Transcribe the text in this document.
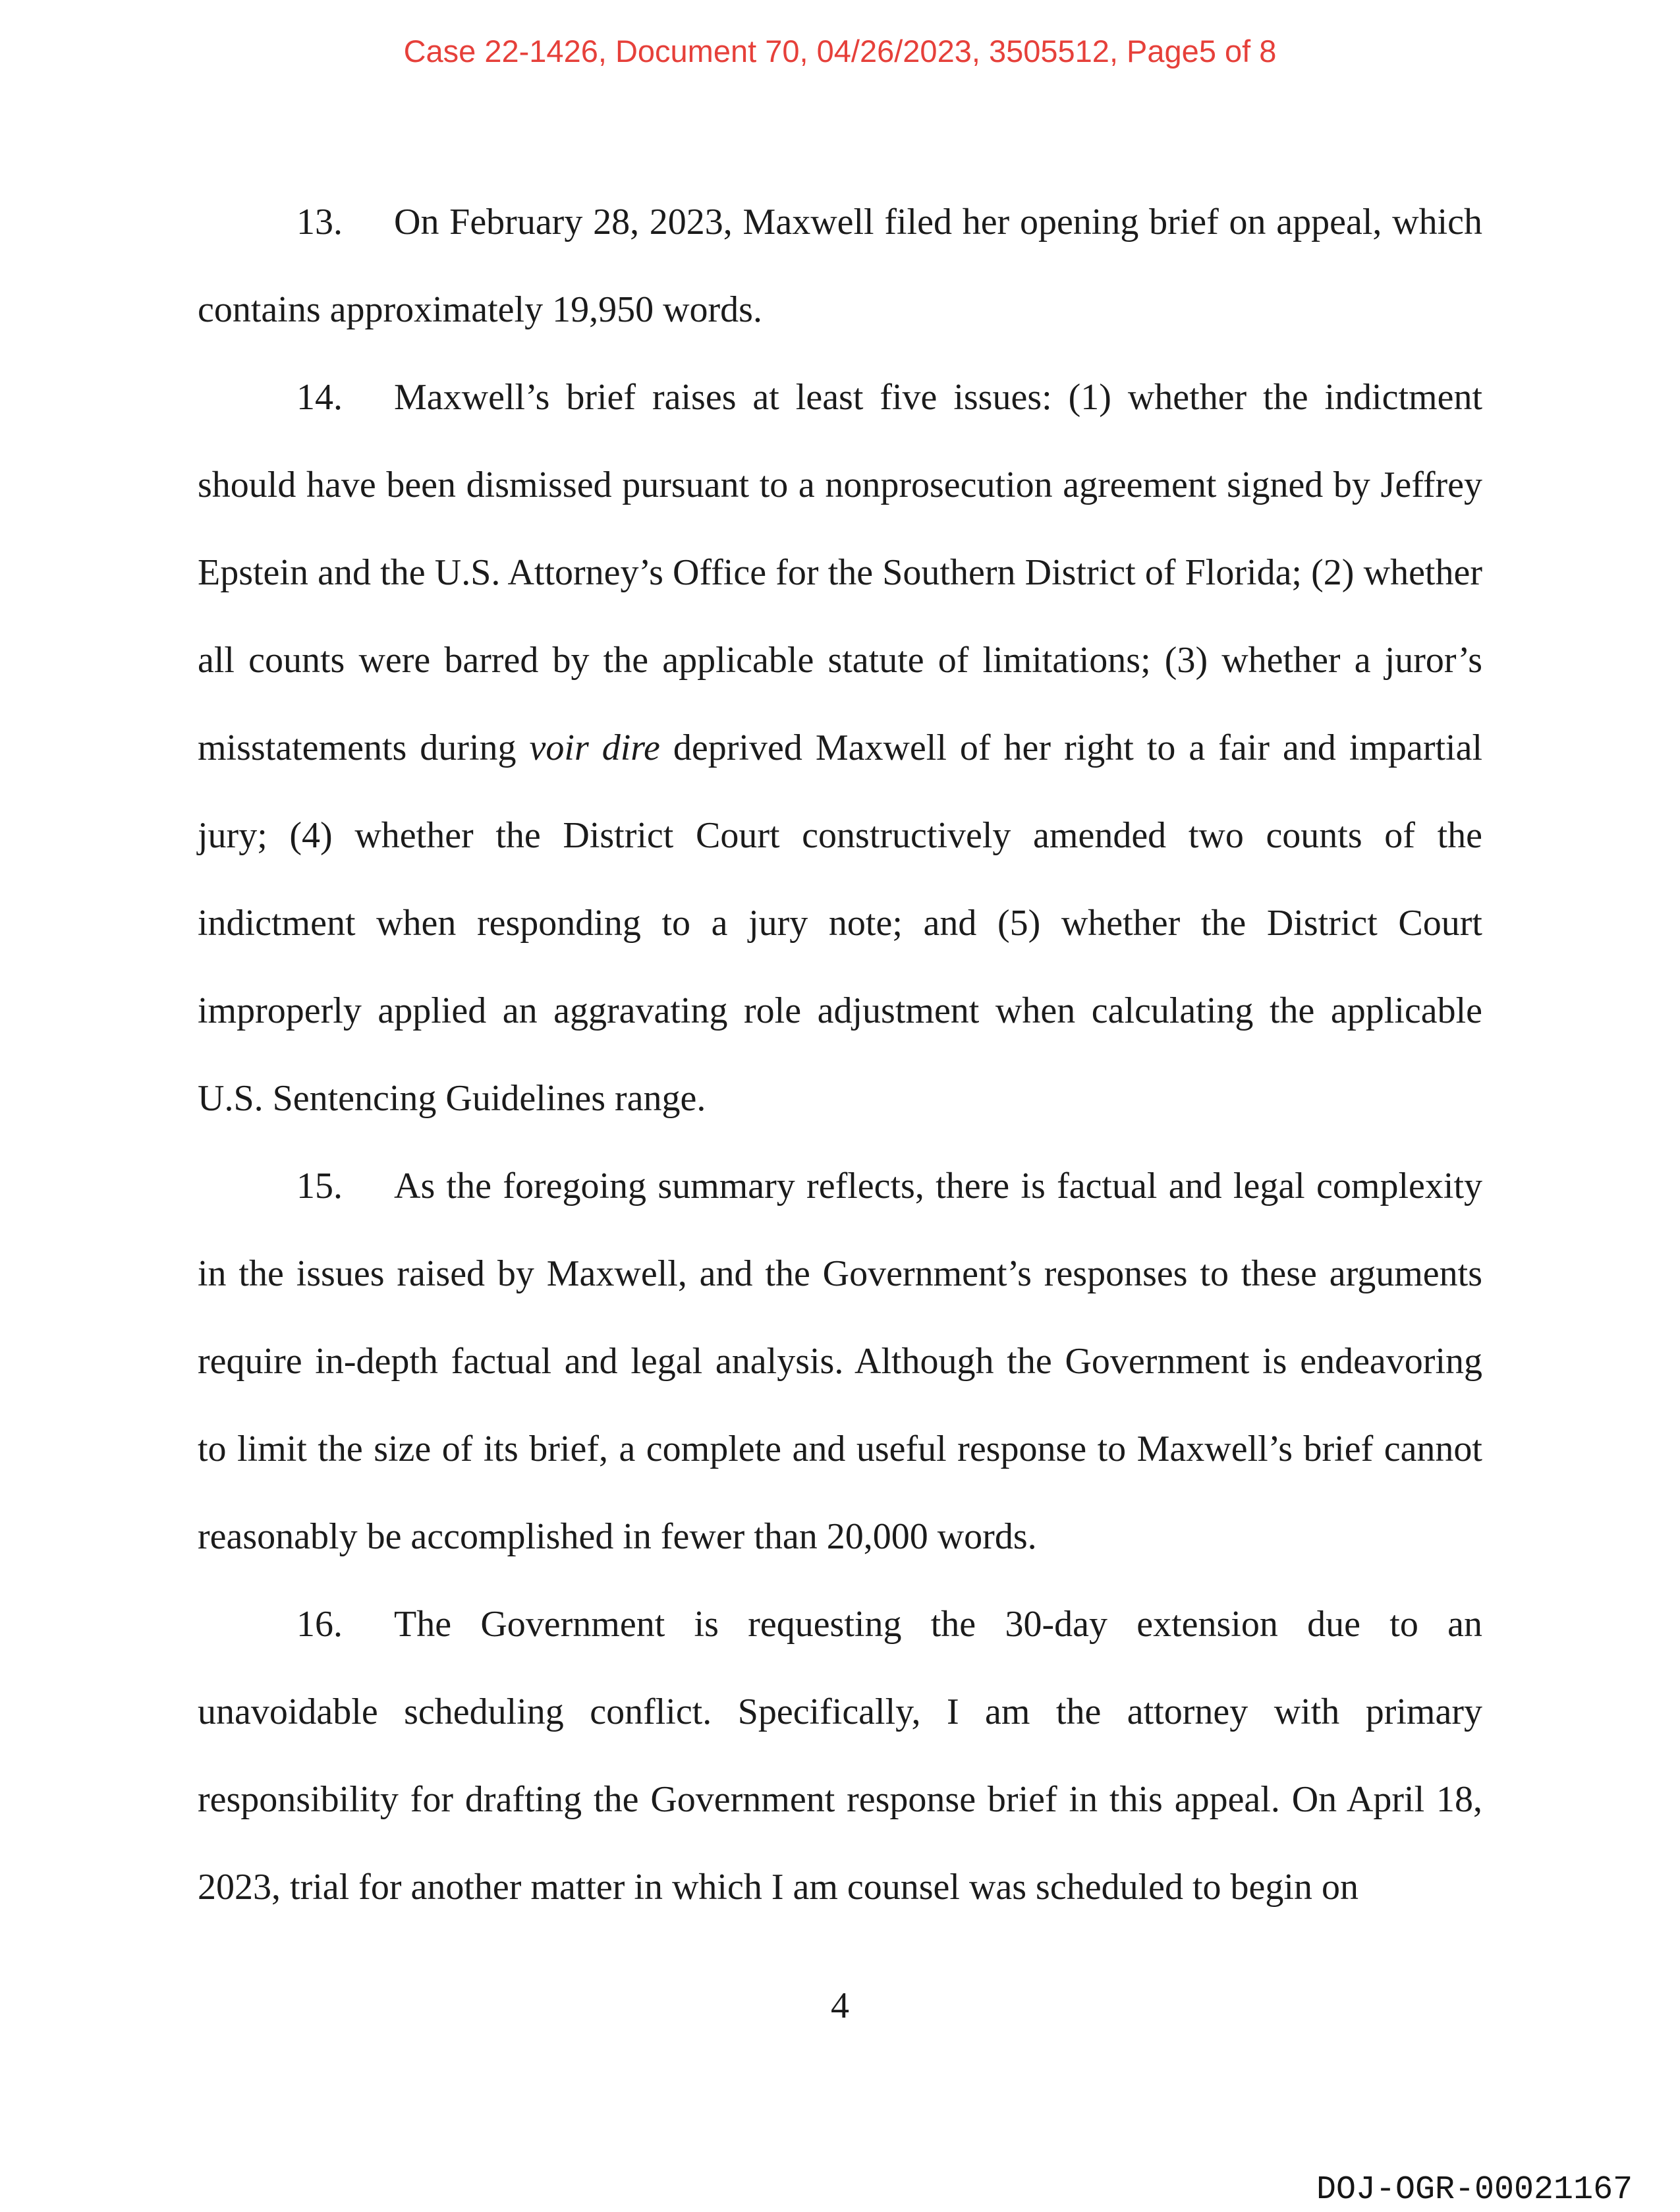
Case 22-1426, Document 70, 04/26/2023, 3505512, Page5 of 8

13. On February 28, 2023, Maxwell filed her opening brief on appeal, which contains approximately 19,950 words.

14. Maxwell’s brief raises at least five issues: (1) whether the indictment should have been dismissed pursuant to a nonprosecution agreement signed by Jeffrey Epstein and the U.S. Attorney’s Office for the Southern District of Florida; (2) whether all counts were barred by the applicable statute of limitations; (3) whether a juror’s misstatements during voir dire deprived Maxwell of her right to a fair and impartial jury; (4) whether the District Court constructively amended two counts of the indictment when responding to a jury note; and (5) whether the District Court improperly applied an aggravating role adjustment when calculating the applicable U.S. Sentencing Guidelines range.

15. As the foregoing summary reflects, there is factual and legal complexity in the issues raised by Maxwell, and the Government’s responses to these arguments require in-depth factual and legal analysis. Although the Government is endeavoring to limit the size of its brief, a complete and useful response to Maxwell’s brief cannot reasonably be accomplished in fewer than 20,000 words.

16. The Government is requesting the 30-day extension due to an unavoidable scheduling conflict. Specifically, I am the attorney with primary responsibility for drafting the Government response brief in this appeal. On April 18, 2023, trial for another matter in which I am counsel was scheduled to begin on

4
DOJ-OGR-00021167
